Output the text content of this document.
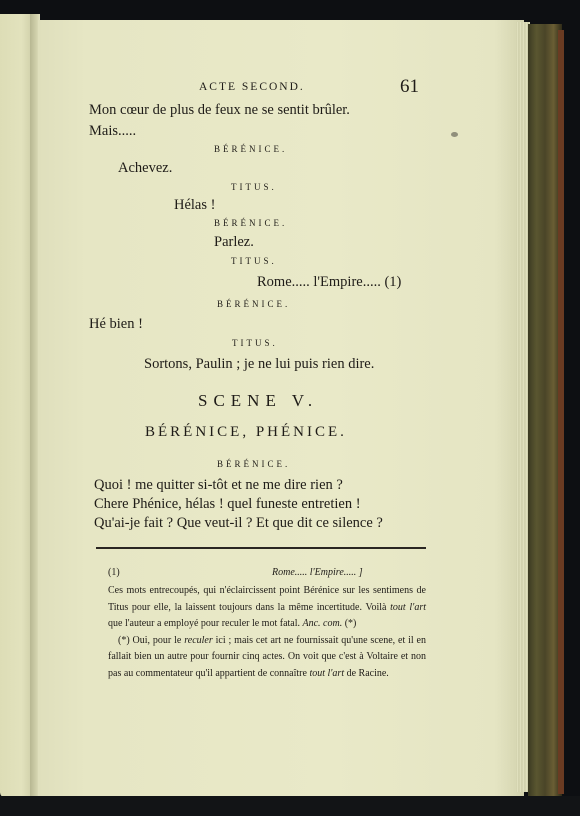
ACTE SECOND.	61
Mon cœur de plus de feux ne se sentit brûler.
Mais.....
BÉRÉNICE.
Achevez.
TITUS.
Hélas !
BÉRÉNICE.
Parlez.
TITUS.
Rome..... l'Empire..... (1)
BÉRÉNICE.
Hé bien !
TITUS.
Sortons, Paulin ; je ne lui puis rien dire.
SCENE V.
BÉRÉNICE, PHÉNICE.
BÉRÉNICE.
Quoi ! me quitter si-tôt et ne me dire rien ?
Chere Phénice, hélas ! quel funeste entretien !
Qu'ai-je fait ? Que veut-il ? Et que dit ce silence ?
(1)	Rome..... l'Empire..... ]
Ces mots entrecoupés, qui n'éclaircissent point Bérénice sur les sentimens de Titus pour elle, la laissent toujours dans la même incertitude. Voilà tout l'art que l'auteur a employé pour reculer le mot fatal. Anc. com. (*)
(*) Oui, pour le reculer ici ; mais cet art ne fournissait qu'une scene, et il en fallait bien un autre pour fournir cinq actes. On voit que c'est à Voltaire et non pas au commentateur qu'il appartient de connaître tout l'art de Racine.
